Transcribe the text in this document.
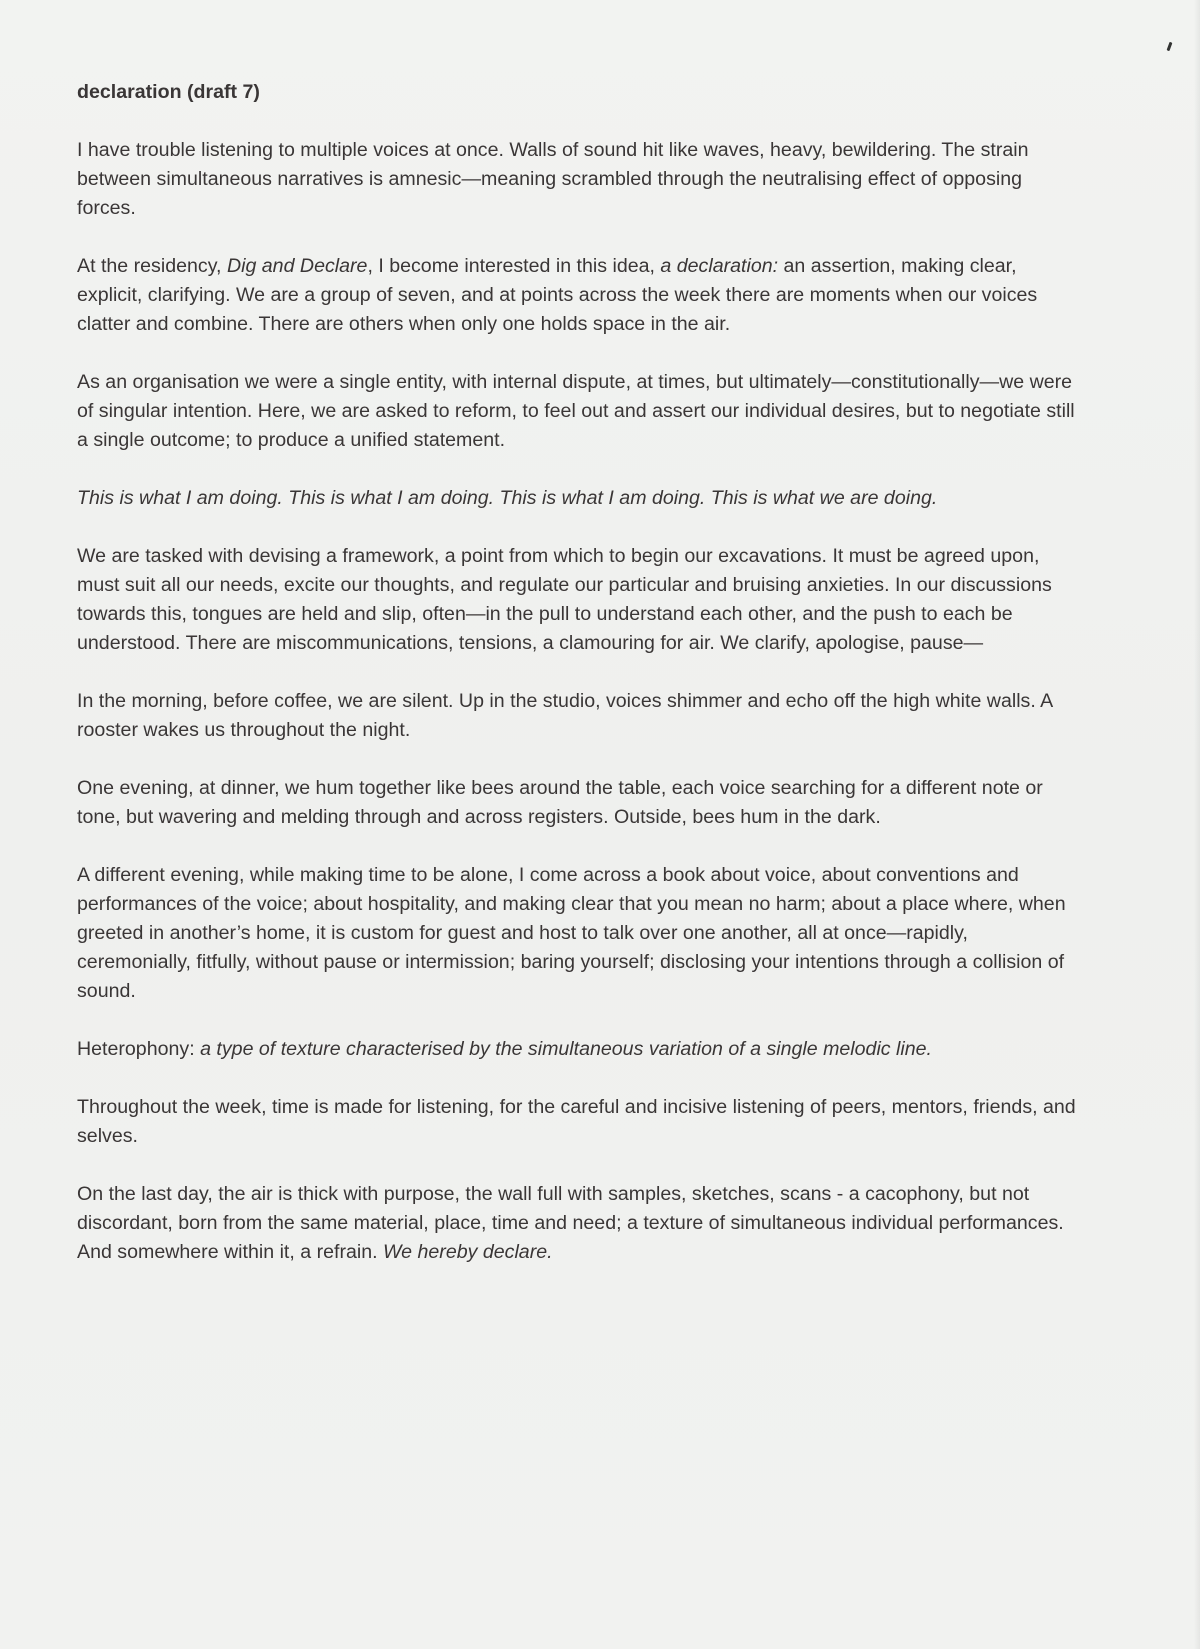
declaration (draft 7)

I have trouble listening to multiple voices at once. Walls of sound hit like waves, heavy, bewildering. The strain between simultaneous narratives is amnesic—meaning scrambled through the neutralising effect of opposing forces.

At the residency, Dig and Declare, I become interested in this idea, a declaration: an assertion, making clear, explicit, clarifying. We are a group of seven, and at points across the week there are moments when our voices clatter and combine. There are others when only one holds space in the air.

As an organisation we were a single entity, with internal dispute, at times, but ultimately—constitutionally—we were of singular intention. Here, we are asked to reform, to feel out and assert our individual desires, but to negotiate still a single outcome; to produce a unified statement.

This is what I am doing. This is what I am doing. This is what I am doing. This is what we are doing.

We are tasked with devising a framework, a point from which to begin our excavations. It must be agreed upon, must suit all our needs, excite our thoughts, and regulate our particular and bruising anxieties. In our discussions towards this, tongues are held and slip, often—in the pull to understand each other, and the push to each be understood. There are miscommunications, tensions, a clamouring for air. We clarify, apologise, pause—

In the morning, before coffee, we are silent. Up in the studio, voices shimmer and echo off the high white walls. A rooster wakes us throughout the night.

One evening, at dinner, we hum together like bees around the table, each voice searching for a different note or tone, but wavering and melding through and across registers. Outside, bees hum in the dark.

A different evening, while making time to be alone, I come across a book about voice, about conventions and performances of the voice; about hospitality, and making clear that you mean no harm; about a place where, when greeted in another’s home, it is custom for guest and host to talk over one another, all at once—rapidly, ceremonially, fitfully, without pause or intermission; baring yourself; disclosing your intentions through a collision of sound.

Heterophony: a type of texture characterised by the simultaneous variation of a single melodic line.

Throughout the week, time is made for listening, for the careful and incisive listening of peers, mentors, friends, and selves.

On the last day, the air is thick with purpose, the wall full with samples, sketches, scans - a cacophony, but not discordant, born from the same material, place, time and need; a texture of simultaneous individual performances. And somewhere within it, a refrain. We hereby declare.
